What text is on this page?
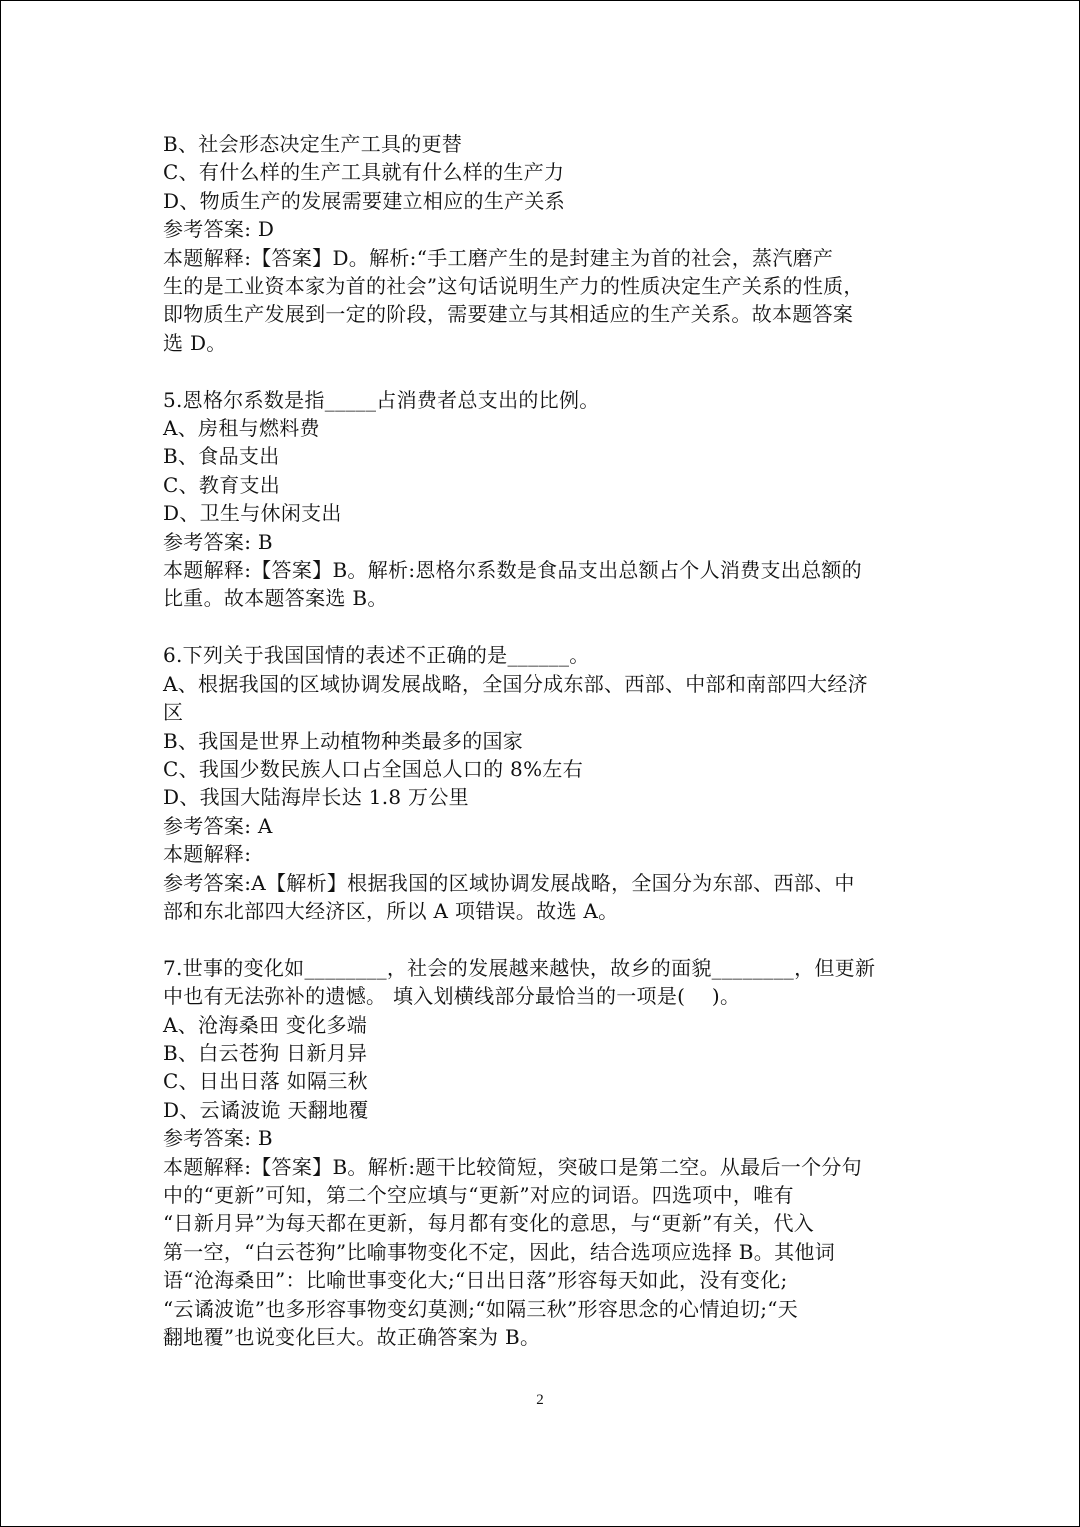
B、社会形态决定生产工具的更替

C、有什么样的生产工具就有什么样的生产力

D、物质生产的发展需要建立相应的生产关系

参考答案: D

本题解释:【答案】D。解析:“手工磨产生的是封建主为首的社会，蒸汽磨产

生的是工业资本家为首的社会”这句话说明生产力的性质决定生产关系的性质，

即物质生产发展到一定的阶段，需要建立与其相适应的生产关系。故本题答案

选 D。

5.恩格尔系数是指_____占消费者总支出的比例。

A、房租与燃料费

B、食品支出

C、教育支出

D、卫生与休闲支出

参考答案: B

本题解释:【答案】B。解析:恩格尔系数是食品支出总额占个人消费支出总额的

比重。故本题答案选 B。

6.下列关于我国国情的表述不正确的是______。

A、根据我国的区域协调发展战略，全国分成东部、西部、中部和南部四大经济

区

B、我国是世界上动植物种类最多的国家

C、我国少数民族人口占全国总人口的 8%左右

D、我国大陆海岸长达 1.8 万公里

参考答案: A

本题解释:

参考答案:A【解析】根据我国的区域协调发展战略，全国分为东部、西部、中

部和东北部四大经济区，所以 A 项错误。故选 A。

7.世事的变化如________，社会的发展越来越快，故乡的面貌________，但更新

中也有无法弥补的遗憾。 填入划横线部分最恰当的一项是(    )。

A、沧海桑田 变化多端

B、白云苍狗 日新月异

C、日出日落 如隔三秋

D、云谲波诡 天翻地覆

参考答案: B

本题解释:【答案】B。解析:题干比较简短，突破口是第二空。从最后一个分句

中的“更新”可知，第二个空应填与“更新”对应的词语。四选项中，唯有

“日新月异”为每天都在更新，每月都有变化的意思，与“更新”有关，代入

第一空，“白云苍狗”比喻事物变化不定，因此，结合选项应选择 B。其他词

语“沧海桑田”：比喻世事变化大;“日出日落”形容每天如此，没有变化;

“云谲波诡”也多形容事物变幻莫测;“如隔三秋”形容思念的心情迫切;“天

翻地覆”也说变化巨大。故正确答案为 B。

2
